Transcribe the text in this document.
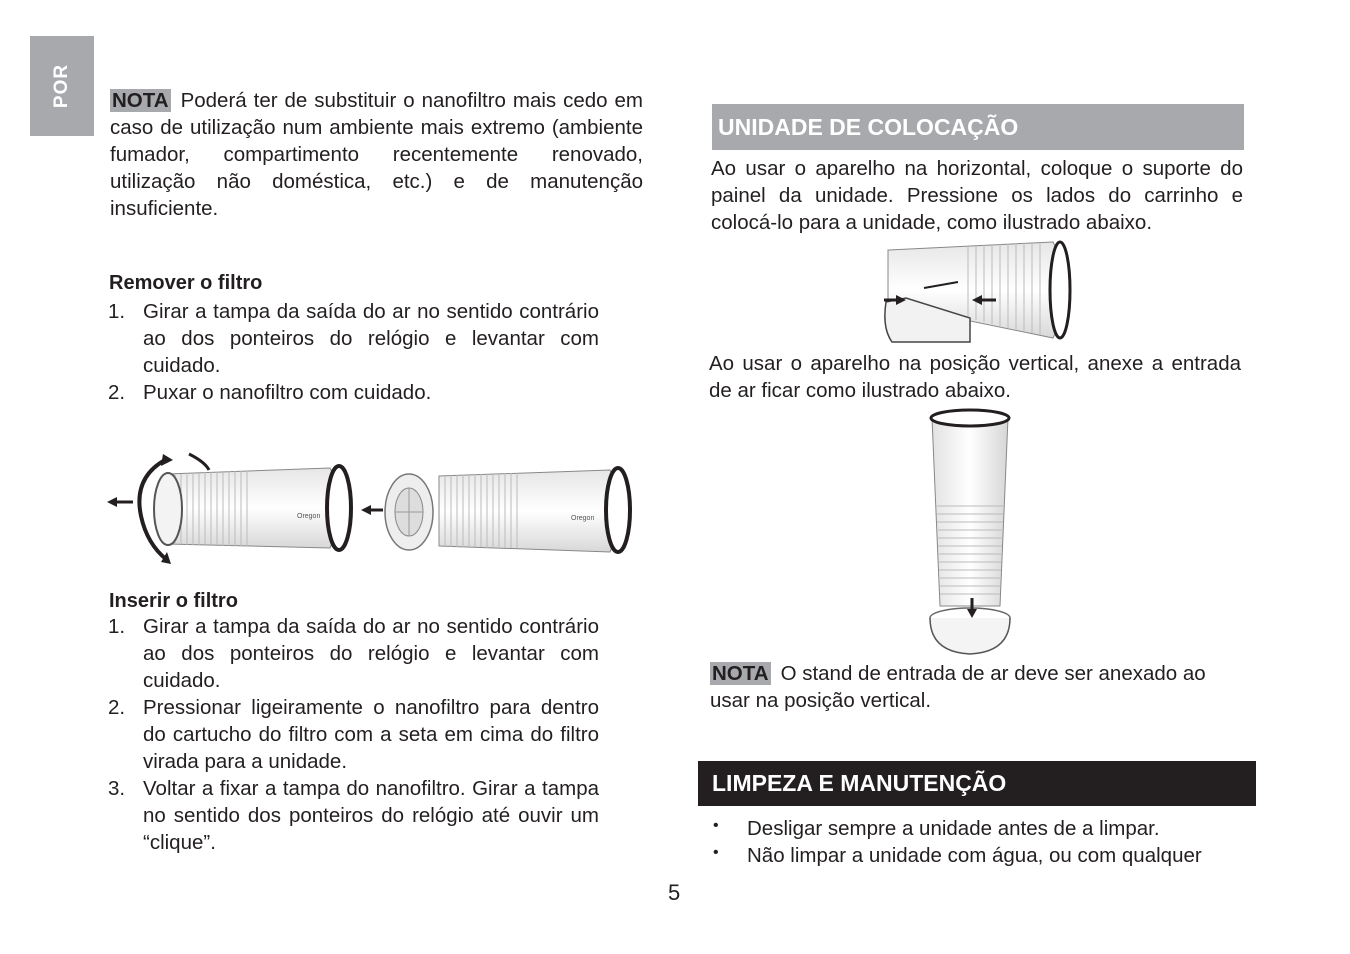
POR NOTA Poderá ter de substituir o nanofiltro mais cedo em caso de utilização num ambiente mais extremo (ambiente fumador, compartimento recentemente renovado, utilização não doméstica, etc.) e de manutenção insuficiente.

Remover o filtro
1. Girar a tampa da saída do ar no sentido contrário ao dos ponteiros do relógio e levantar com cuidado.
2. Puxar o nanofiltro com cuidado.
Oregon	Oregon
Inserir o filtro
1. Girar a tampa da saída do ar no sentido contrário ao dos ponteiros do relógio e levantar com cuidado.
2. Pressionar ligeiramente o nanofiltro para dentro do cartucho do filtro com a seta em cima do filtro virada para a unidade.
3. Voltar a fixar a tampa do nanofiltro. Girar a tampa no sentido dos ponteiros do relógio até ouvir um “clique”.
UNIDADE DE COLOCAÇÃO

Ao usar o aparelho na horizontal, coloque o suporte do painel da unidade. Pressione os lados do carrinho e colocá-lo para a unidade, como ilustrado abaixo.

Ao usar o aparelho na posição vertical, anexe a entrada de ar ficar como ilustrado abaixo.

NOTA O stand de entrada de ar deve ser anexado ao usar na posição vertical.

LIMPEZA E MANUTENÇÃO
• Desligar sempre a unidade antes de a limpar.
• Não limpar a unidade com água, ou com qualquer
5
